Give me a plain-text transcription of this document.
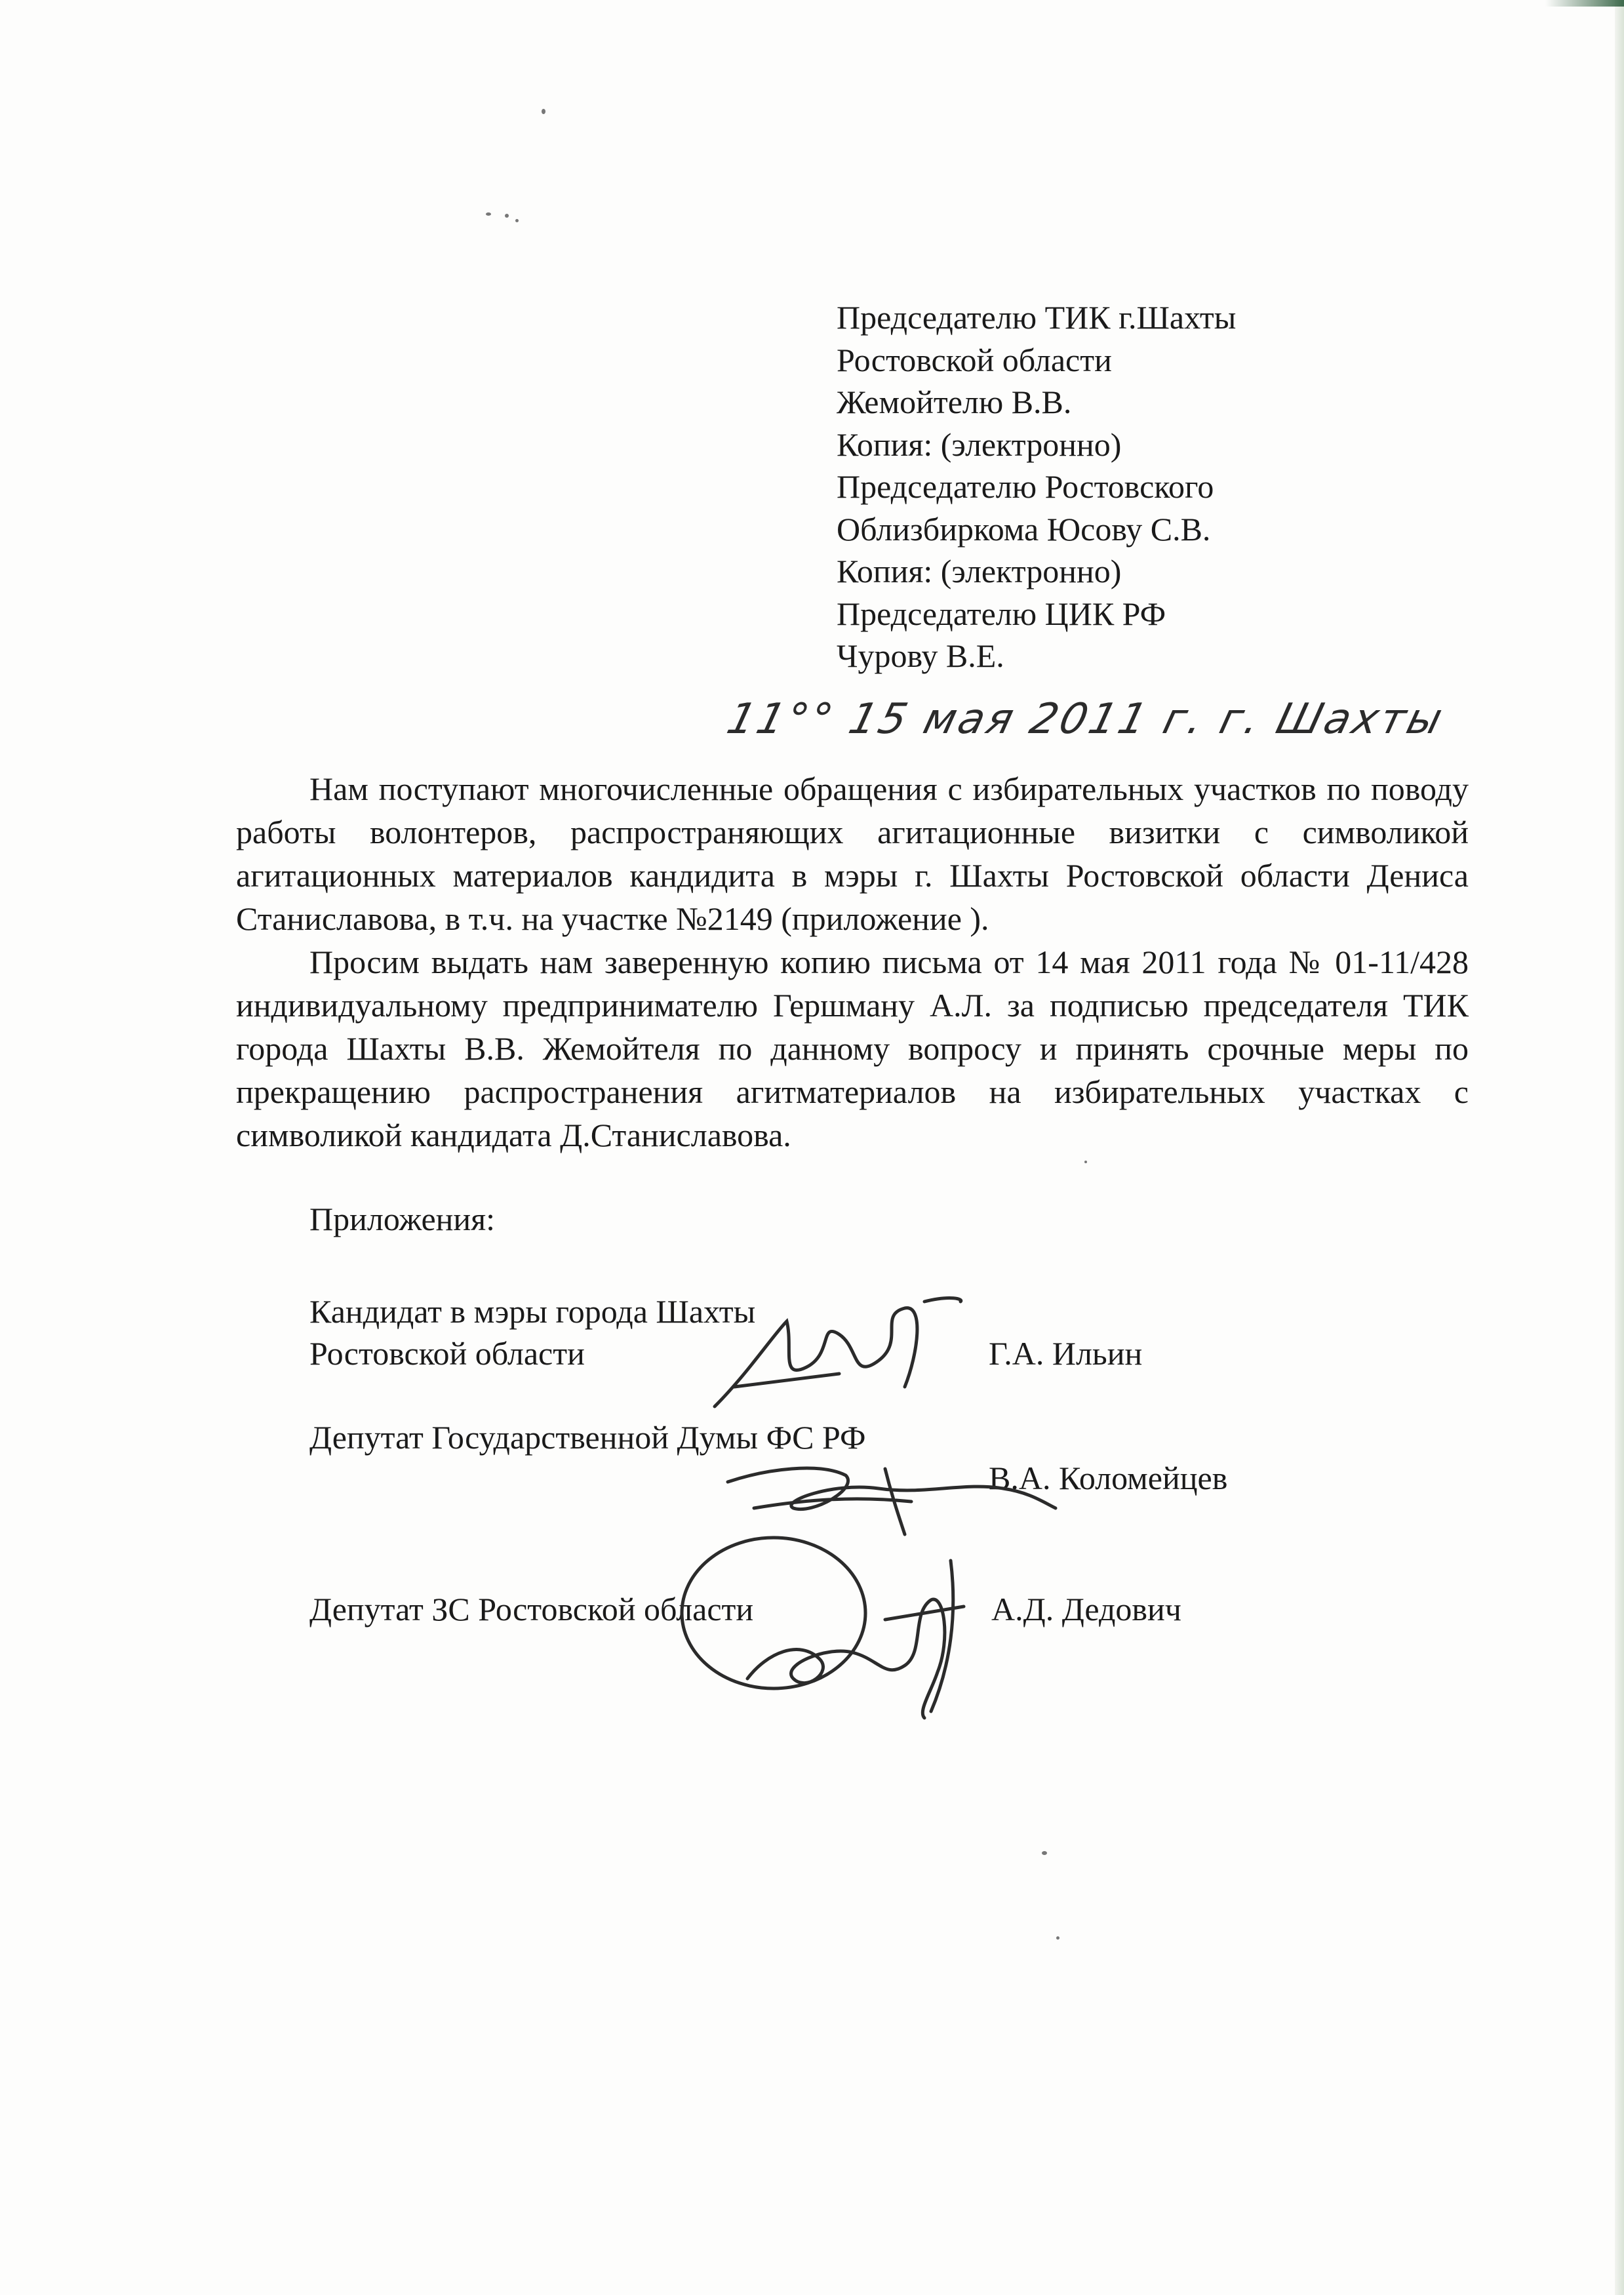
Председателю ТИК г.Шахты
Ростовской области
Жемойтелю В.В.
Копия: (электронно)
Председателю Ростовского
Облизбиркома Юсову С.В.
Копия: (электронно)
Председателю ЦИК РФ
Чурову В.Е.
11°° 15 мая 2011 г. г. Шахты

Нам поступают многочисленные обращения с избирательных участков по поводу работы волонтеров, распространяющих агитационные визитки с символикой агитационных материалов кандидита в мэры г. Шахты Ростовской области Дениса Станиславова, в т.ч. на участке №2149 (приложение ).

Просим выдать нам заверенную копию письма от 14 мая 2011 года № 01-11/428 индивидуальному предпринимателю Гершману А.Л. за подписью председателя ТИК города Шахты В.В. Жемойтеля по данному вопросу и принять срочные меры по прекращению распространения агитматериалов на избирательных участках с символикой кандидата Д.Станиславова.

Приложения:
Кандидат в мэры города Шахты
Ростовской области	Г.А. Ильин
Депутат Государственной Думы ФС РФ
В.А. Коломейцев
Депутат ЗС Ростовской области	А.Д. Дедович
